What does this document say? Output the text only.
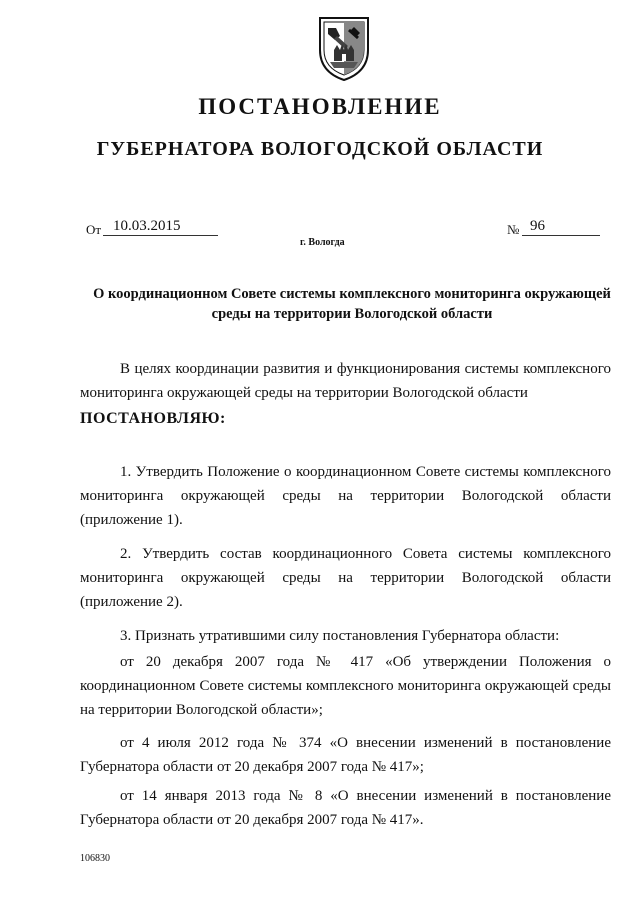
ПОСТАНОВЛЕНИЕ
ГУБЕРНАТОРА ВОЛОГОДСКОЙ ОБЛАСТИ
От 10.03.2015	№ 96
г. Вологда
О координационном Совете системы комплексного мониторинга окружающей среды на территории Вологодской области

В целях координации развития и функционирования системы комплексного мониторинга окружающей среды на территории Вологодской области

ПОСТАНОВЛЯЮ:

1. Утвердить Положение о координационном Совете системы комплексного мониторинга окружающей среды на территории Вологодской области (приложение 1).

2. Утвердить состав координационного Совета системы комплексного мониторинга окружающей среды на территории Вологодской области (приложение 2).

3. Признать утратившими силу постановления Губернатора области:

от 20 декабря 2007 года № 417 «Об утверждении Положения о координационном Совете системы комплексного мониторинга окружающей среды на территории Вологодской области»;

от 4 июля 2012 года № 374 «О внесении изменений в постановление Губернатора области от 20 декабря 2007 года № 417»;

от 14 января 2013 года № 8 «О внесении изменений в постановление Губернатора области от 20 декабря 2007 года № 417».

106830
